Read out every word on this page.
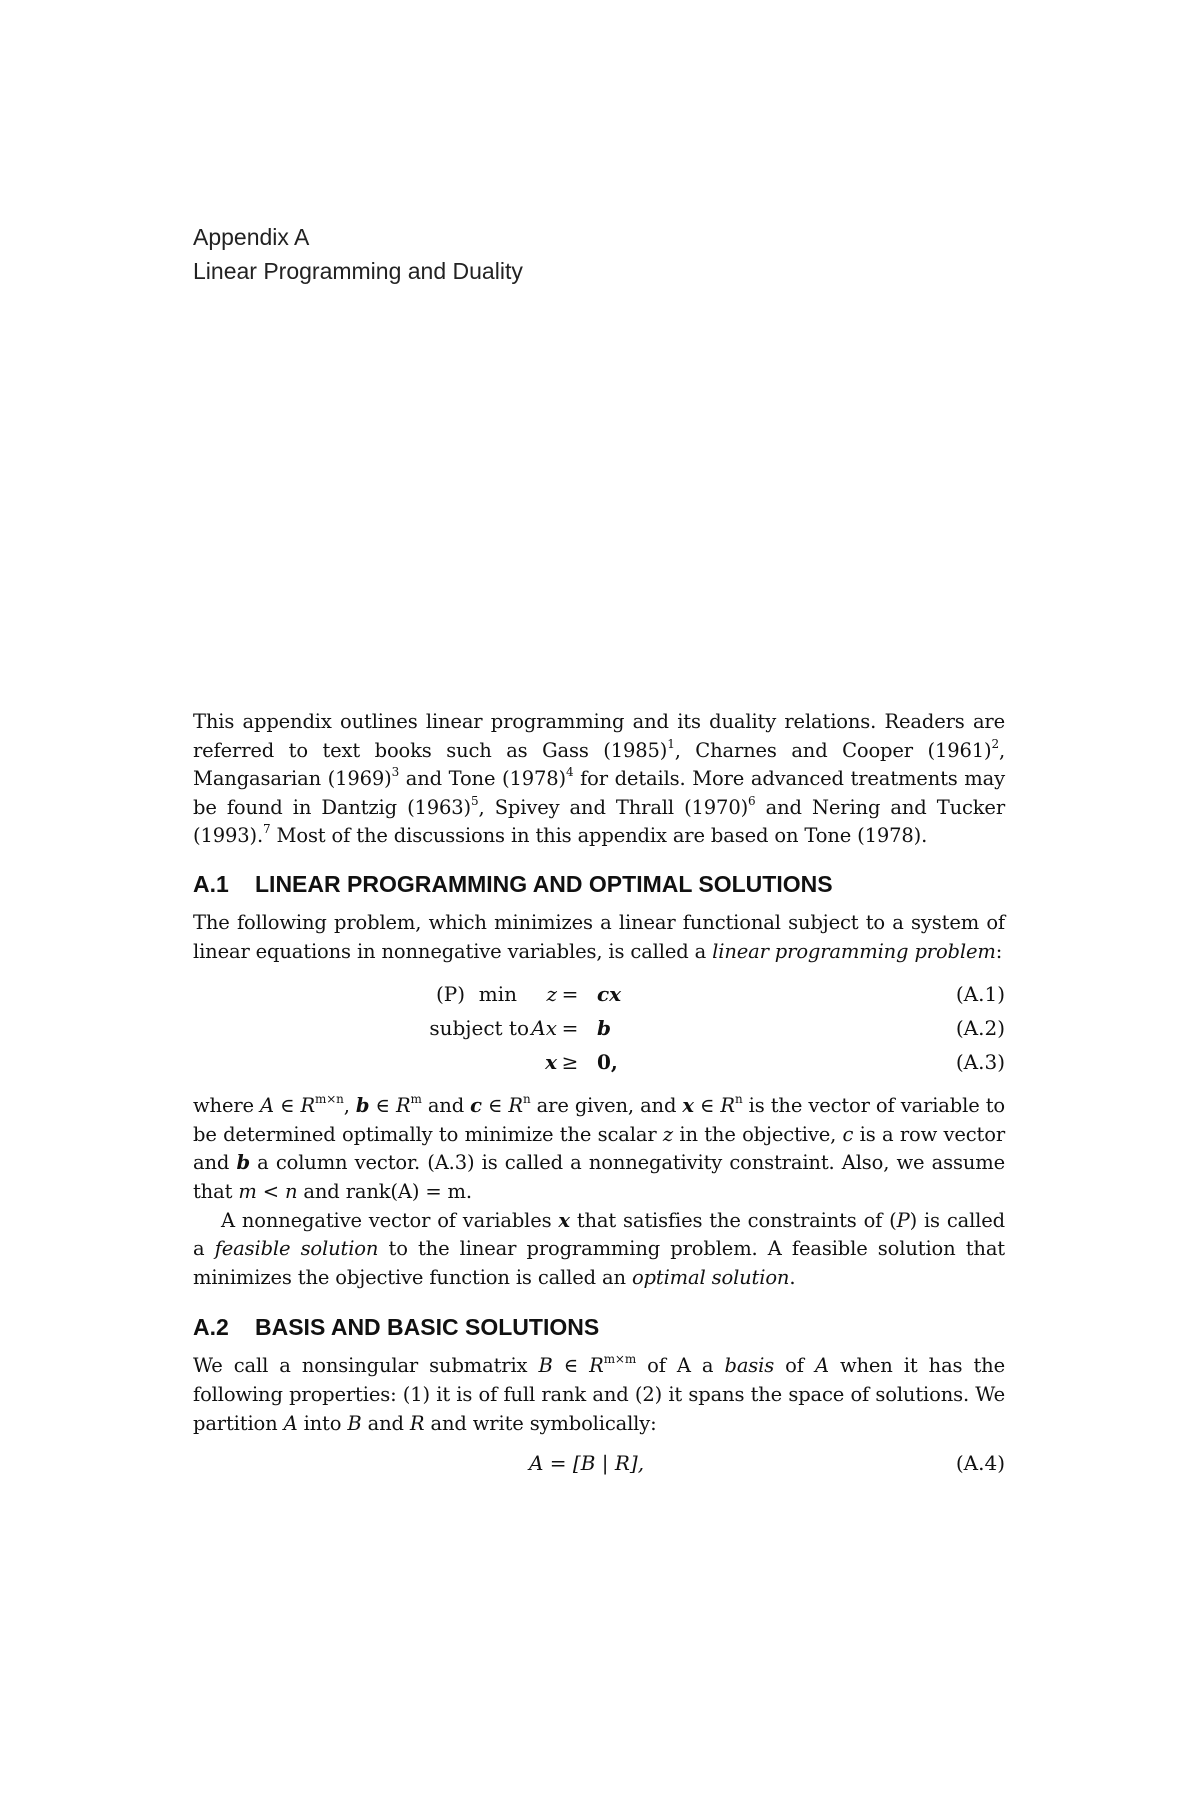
Appendix A
Linear Programming and Duality

This appendix outlines linear programming and its duality relations. Readers are referred to text books such as Gass $(1985)^1$, Charnes and Cooper $(1961)^2$, Mangasarian $(1969)^3$ and Tone $(1978)^4$ for details. More advanced treatments may be found in Dantzig $(1963)^5$, Spivey and Thrall $(1970)^6$ and Nering and Tucker (1993).$^7$ Most of the discussions in this appendix are based on Tone (1978).

A.1	LINEAR PROGRAMMING AND OPTIMAL SOLUTIONS

The following problem, which minimizes a linear functional subject to a system of linear equations in nonnegative variables, is called a linear programming problem:

(P) min z = cx	(A.1)
subject to Ax = b	(A.2)
x ≥ 0,	(A.3)

where A ∈ $R^{m\times n}$, b ∈ $R^m$ and c ∈ $R^n$ are given, and x ∈ $R^n$ is the vector of variable to be determined optimally to minimize the scalar z in the objective, c is a row vector and b a column vector. (A.3) is called a nonnegativity constraint. Also, we assume that m < n and rank(A) = m.

A nonnegative vector of variables x that satisfies the constraints of (P) is called a feasible solution to the linear programming problem. A feasible solution that minimizes the objective function is called an optimal solution.

A.2	BASIS AND BASIC SOLUTIONS

We call a nonsingular submatrix B ∈ $R^{m\times m}$ of A a basis of A when it has the following properties: (1) it is of full rank and (2) it spans the space of solutions. We partition A into B and R and write symbolically:

A = [B | R],	(A.4)
